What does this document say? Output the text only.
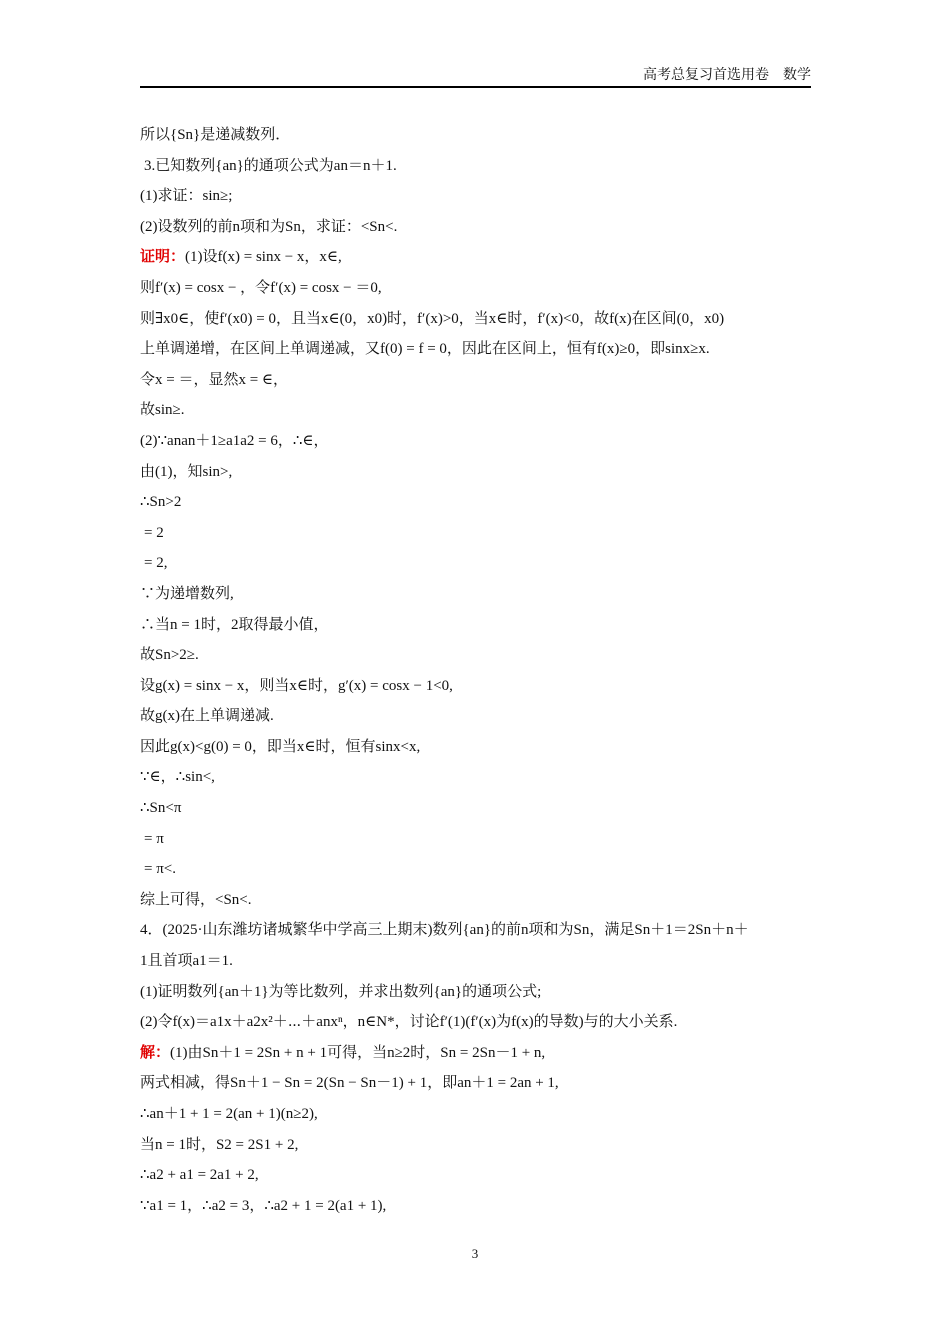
高考总复习首选用卷　数学
所以{Sn}是递减数列．
3.已知数列{an}的通项公式为an＝n＋1.
(1)求证：sin≥;
(2)设数列的前n项和为Sn，求证：<Sn<.
证明：(1)设f(x) = sinx − x，x∈,
则f′(x) = cosx − ，令f′(x) = cosx − ＝0,
则∃x0∈，使f′(x0) = 0，且当x∈(0，x0)时，f′(x)>0，当x∈时，f′(x)<0，故f(x)在区间(0，x0)
上单调递增，在区间上单调递减，又f(0) = f = 0，因此在区间上，恒有f(x)≥0，即sinx≥x.
令x = ＝，显然x = ∈，
故sin≥.
(2)∵anan＋1≥a1a2 = 6，∴∈，
由(1)，知sin>,
∴Sn>2
= 2
= 2,
∵为递增数列,
∴当n = 1时，2取得最小值，
故Sn>2≥.
设g(x) = sinx − x，则当x∈时，g′(x) = cosx − 1<0,
故g(x)在上单调递减.
因此g(x)<g(0) = 0，即当x∈时，恒有sinx<x,
∵∈，∴sin<,
∴Sn<π
= π
= π<.
综上可得，<Sn<.
4．(2025·山东潍坊诸城繁华中学高三上期末)数列{an}的前n项和为Sn，满足Sn＋1＝2Sn＋n＋
1且首项a1＝1.
(1)证明数列{an＋1}为等比数列，并求出数列{an}的通项公式;
(2)令f(x)＝a1x＋a2x²＋⋯＋anxⁿ，n∈N*，讨论f′(1)(f′(x)为f(x)的导数)与的大小关系.
解：(1)由Sn＋1 = 2Sn + n + 1可得，当n≥2时，Sn = 2Sn－1 + n,
两式相减，得Sn＋1 − Sn = 2(Sn − Sn－1) + 1，即an＋1 = 2an + 1,
∴an＋1 + 1 = 2(an + 1)(n≥2),
当n = 1时，S2 = 2S1 + 2,
∴a2 + a1 = 2a1 + 2,
∵a1 = 1，∴a2 = 3，∴a2 + 1 = 2(a1 + 1),
3
